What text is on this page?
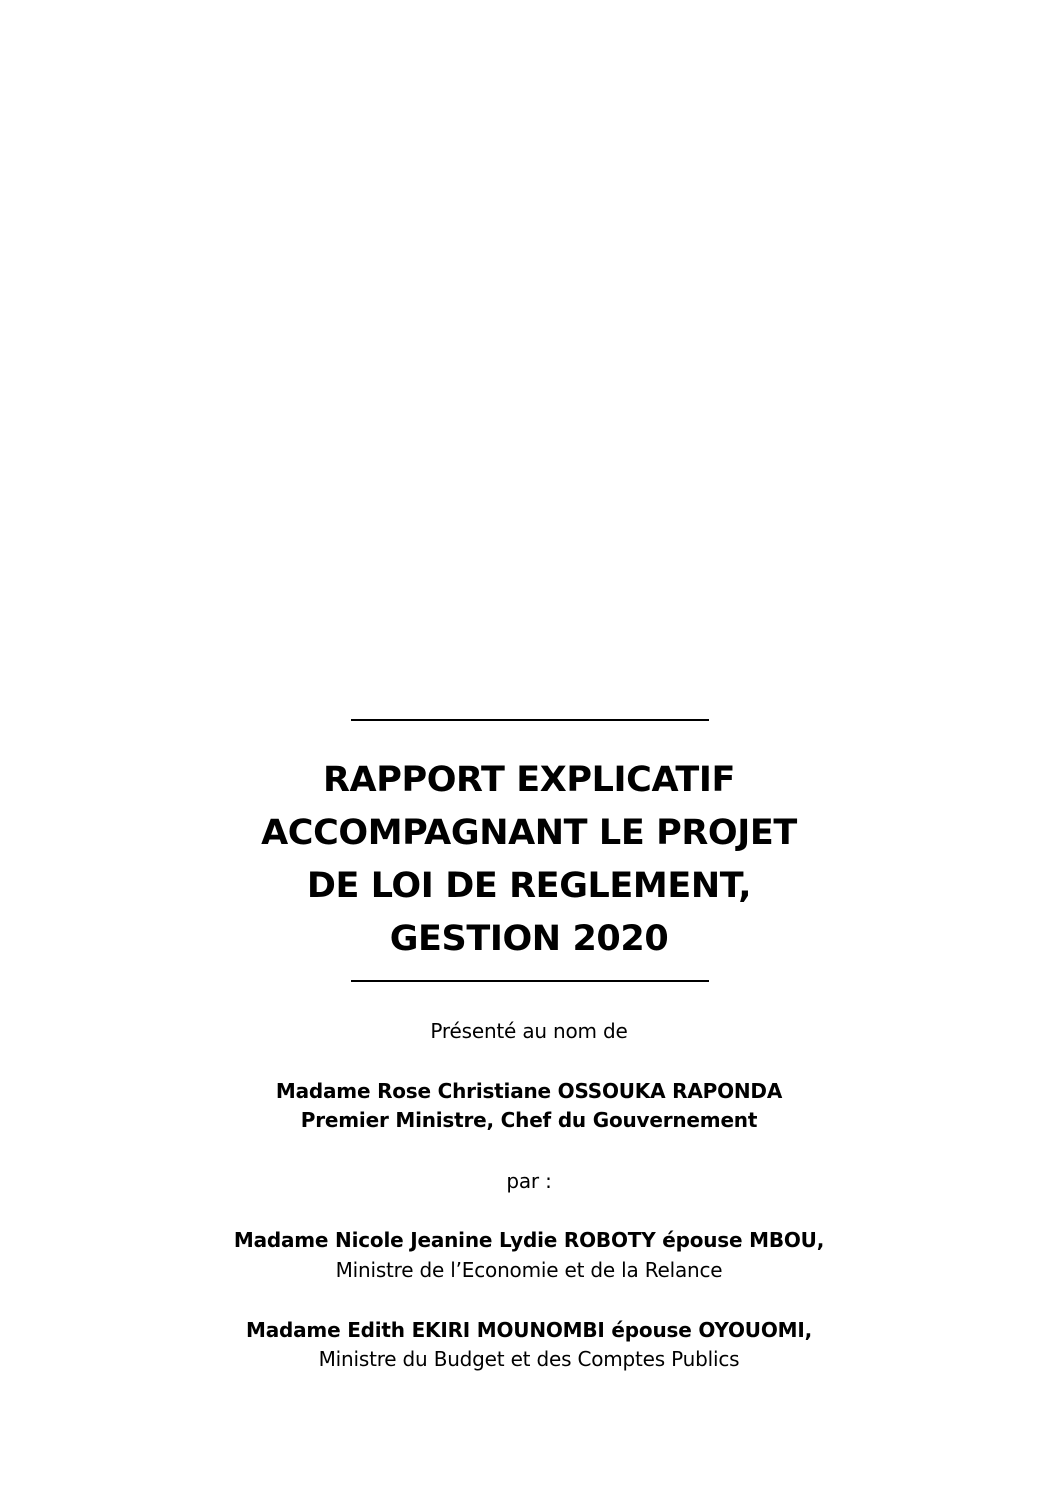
RAPPORT EXPLICATIF
ACCOMPAGNANT LE PROJET
DE LOI DE REGLEMENT,
GESTION 2020
Présenté au nom de
Madame Rose Christiane OSSOUKA RAPONDA
Premier Ministre, Chef du Gouvernement
par :
Madame Nicole Jeanine Lydie ROBOTY épouse MBOU,
Ministre de l’Economie et de la Relance
Madame Edith EKIRI MOUNOMBI épouse OYOUOMI,
Ministre du Budget et des Comptes Publics
